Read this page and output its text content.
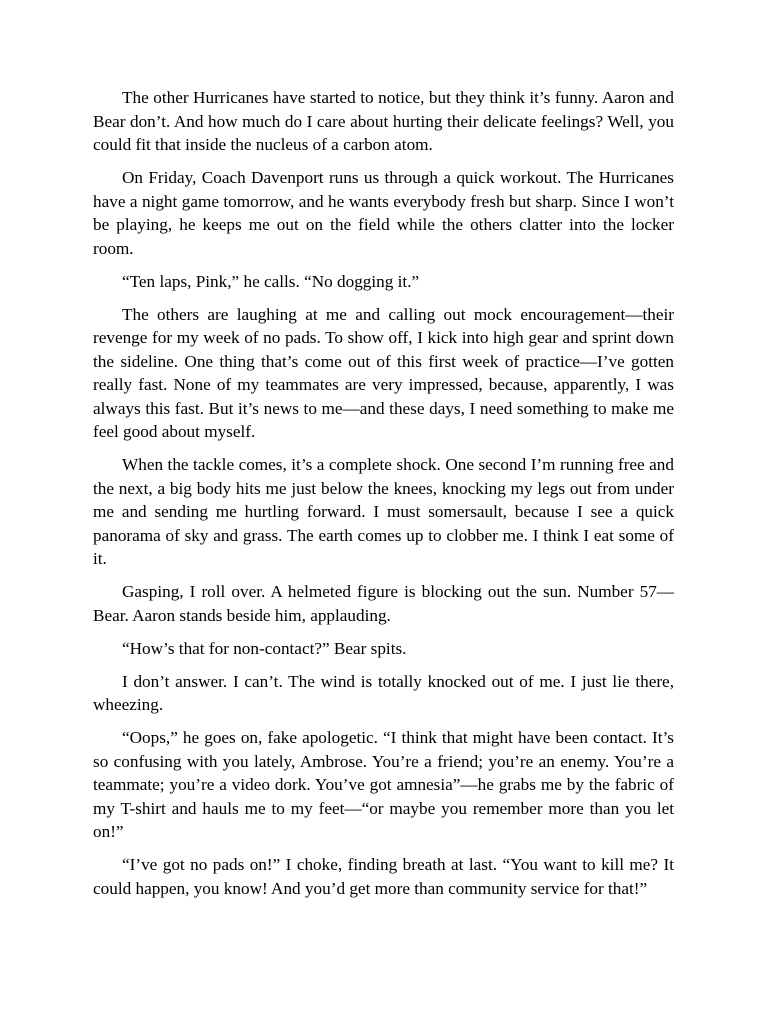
The other Hurricanes have started to notice, but they think it’s funny. Aaron and Bear don’t. And how much do I care about hurting their delicate feelings? Well, you could fit that inside the nucleus of a carbon atom.

On Friday, Coach Davenport runs us through a quick workout. The Hurricanes have a night game tomorrow, and he wants everybody fresh but sharp. Since I won’t be playing, he keeps me out on the field while the others clatter into the locker room.

“Ten laps, Pink,” he calls. “No dogging it.”

The others are laughing at me and calling out mock encouragement—their revenge for my week of no pads. To show off, I kick into high gear and sprint down the sideline. One thing that’s come out of this first week of practice—I’ve gotten really fast. None of my teammates are very impressed, because, apparently, I was always this fast. But it’s news to me—and these days, I need something to make me feel good about myself.

When the tackle comes, it’s a complete shock. One second I’m running free and the next, a big body hits me just below the knees, knocking my legs out from under me and sending me hurtling forward. I must somersault, because I see a quick panorama of sky and grass. The earth comes up to clobber me. I think I eat some of it.

Gasping, I roll over. A helmeted figure is blocking out the sun. Number 57—Bear. Aaron stands beside him, applauding.

“How’s that for non-contact?” Bear spits.

I don’t answer. I can’t. The wind is totally knocked out of me. I just lie there, wheezing.

“Oops,” he goes on, fake apologetic. “I think that might have been contact. It’s so confusing with you lately, Ambrose. You’re a friend; you’re an enemy. You’re a teammate; you’re a video dork. You’ve got amnesia”—he grabs me by the fabric of my T-shirt and hauls me to my feet—“or maybe you remember more than you let on!”

“I’ve got no pads on!” I choke, finding breath at last. “You want to kill me? It could happen, you know! And you’d get more than community service for that!”
